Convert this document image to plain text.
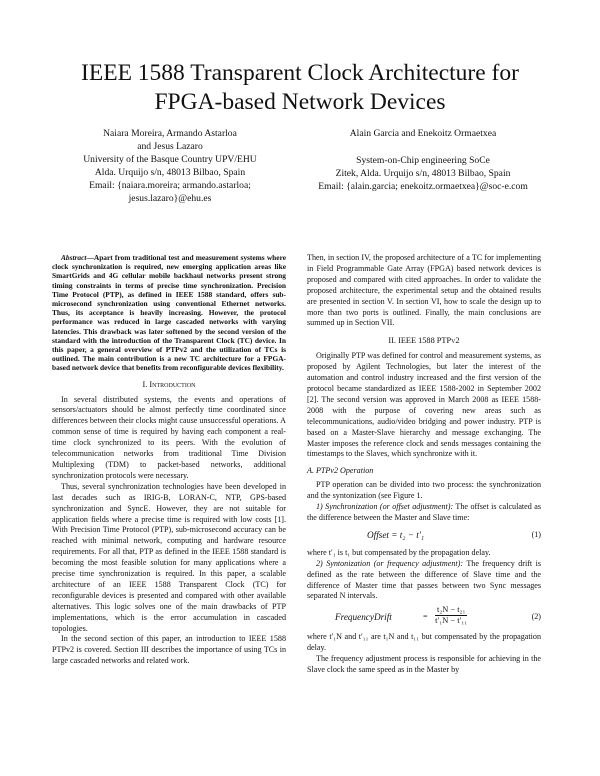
IEEE 1588 Transparent Clock Architecture for
FPGA-based Network Devices
Naiara Moreira, Armando Astarloa
and Jesus Lazaro
University of the Basque Country UPV/EHU
Alda. Urquijo s/n, 48013 Bilbao, Spain
Email: {naiara.moreira; armando.astarloa;
jesus.lazaro}@ehu.es
Alain Garcia and Enekoitz Ormaetxea
System-on-Chip engineering SoCe
Zitek, Alda. Urquijo s/n, 48013 Bilbao, Spain
Email: {alain.garcia; enekoitz.ormaetxea}@soc-e.com

Abstract—Apart from traditional test and measurement systems where clock synchronization is required, new emerging application areas like SmartGrids and 4G cellular mobile backhaul networks present strong timing constraints in terms of precise time synchronization. Precision Time Protocol (PTP), as defined in IEEE 1588 standard, offers sub-microsecond synchronization using conventional Ethernet networks. Thus, its acceptance is heavily increasing. However, the protocol performance was reduced in large cascaded networks with varying latencies. This drawback was later softened by the second version of the standard with the introduction of the Transparent Clock (TC) device. In this paper, a general overview of PTPv2 and the utilization of TCs is outlined. The main contribution is a new TC architecture for a FPGA-based network device that benefits from reconfigurable devices flexibility.

I. Introduction

In several distributed systems, the events and operations of sensors/actuators should be almost perfectly time coordinated since differences between their clocks might cause unsuccessful operations. A common sense of time is required by having each component a real-time clock synchronized to its peers. With the evolution of telecommunication networks from traditional Time Division Multiplexing (TDM) to packet-based networks, additional synchronization protocols were necessary.

Thus, several synchronization technologies have been developed in last decades such as IRIG-B, LORAN-C, NTP, GPS-based synchronization and SyncE. However, they are not suitable for application fields where a precise time is required with low costs [1]. With Precision Time Protocol (PTP), sub-microsecond accuracy can be reached with minimal network, computing and hardware resource requirements. For all that, PTP as defined in the IEEE 1588 standard is becoming the most feasible solution for many applications where a precise time synchronization is required. In this paper, a scalable architecture of an IEEE 1588 Transparent Clock (TC) for reconfigurable devices is presented and compared with other available alternatives. This logic solves one of the main drawbacks of PTP implementations, which is the error accumulation in cascaded topologies.

In the second section of this paper, an introduction to IEEE 1588 PTPv2 is covered. Section III describes the importance of using TCs in large cascaded networks and related work.

Then, in section IV, the proposed architecture of a TC for implementing in Field Programmable Gate Array (FPGA) based network devices is proposed and compared with cited approaches. In order to validate the proposed architecture, the experimental setup and the obtained results are presented in section V. In section VI, how to scale the design up to more than two ports is outlined. Finally, the main conclusions are summed up in Section VII.

II. IEEE 1588 PTPv2

Originally PTP was defined for control and measurement systems, as proposed by Agilent Technologies, but later the interest of the automation and control industry increased and the first version of the protocol became standardized as IEEE 1588-2002 in September 2002 [2]. The second version was approved in March 2008 as IEEE 1588-2008 with the purpose of covering new areas such as telecommunications, audio/video bridging and power industry. PTP is based on a Master-Slave hierarchy and message exchanging. The Master imposes the reference clock and sends messages containing the timestamps to the Slaves, which synchronize with it.

A. PTPv2 Operation

PTP operation can be divided into two process: the synchronization and the syntonization (see Figure 1.

1) Synchronization (or offset adjustment): The offset is calculated as the difference between the Master and Slave time:

Offset = t₂ − t′₁	(1)

where t′₁ is t₁ but compensated by the propagation delay.

2) Syntonization (or frequency adjustment): The frequency drift is defined as the rate between the difference of Slave time and the difference of Master time that passes between two Sync messages separated N intervals.

FrequencyDrift	= $\frac{\text{t₂N − t₂₁}}{\text{t′₁N − t′₁₁}}$	(2)

where t′₁N and t′₁₁ are t₁N and t₁₁ but compensated by the propagation delay.

The frequency adjustment process is responsible for achieving in the Slave clock the same speed as in the Master by
